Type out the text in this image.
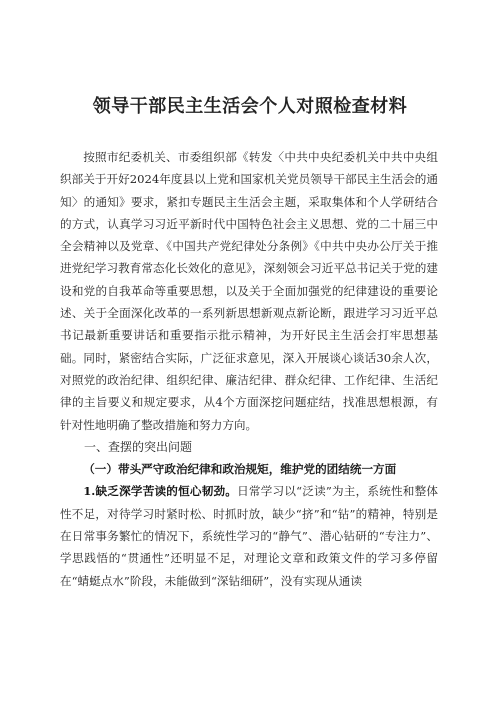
领导干部民主生活会个人对照检查材料

按照市纪委机关、市委组织部《转发〈中共中央纪委机关中共中央组织部关于开好2024年度县以上党和国家机关党员领导干部民主生活会的通知〉的通知》要求，紧扣专题民主生活会主题，采取集体和个人学研结合的方式，认真学习习近平新时代中国特色社会主义思想、党的二十届三中全会精神以及党章、《中国共产党纪律处分条例》《中共中央办公厅关于推进党纪学习教育常态化长效化的意见》，深刻领会习近平总书记关于党的建设和党的自我革命等重要思想，以及关于全面加强党的纪律建设的重要论述、关于全面深化改革的一系列新思想新观点新论断，跟进学习习近平总书记最新重要讲话和重要指示批示精神，为开好民主生活会打牢思想基础。同时，紧密结合实际，广泛征求意见，深入开展谈心谈话30余人次，对照党的政治纪律、组织纪律、廉洁纪律、群众纪律、工作纪律、生活纪律的主旨要义和规定要求，从4个方面深挖问题症结，找准思想根源，有针对性地明确了整改措施和努力方向。

一、查摆的突出问题

（一）带头严守政治纪律和政治规矩，维护党的团结统一方面

1.缺乏深学苦读的恒心韧劲。日常学习以“泛读”为主，系统性和整体性不足，对待学习时紧时松、时抓时放，缺少“挤”和“钻”的精神，特别是在日常事务繁忙的情况下，系统性学习的“静气”、潜心钻研的“专注力”、学思践悟的“贯通性”还明显不足，对理论文章和政策文件的学习多停留在“蜻蜓点水”阶段，未能做到“深钻细研”，没有实现从通读
